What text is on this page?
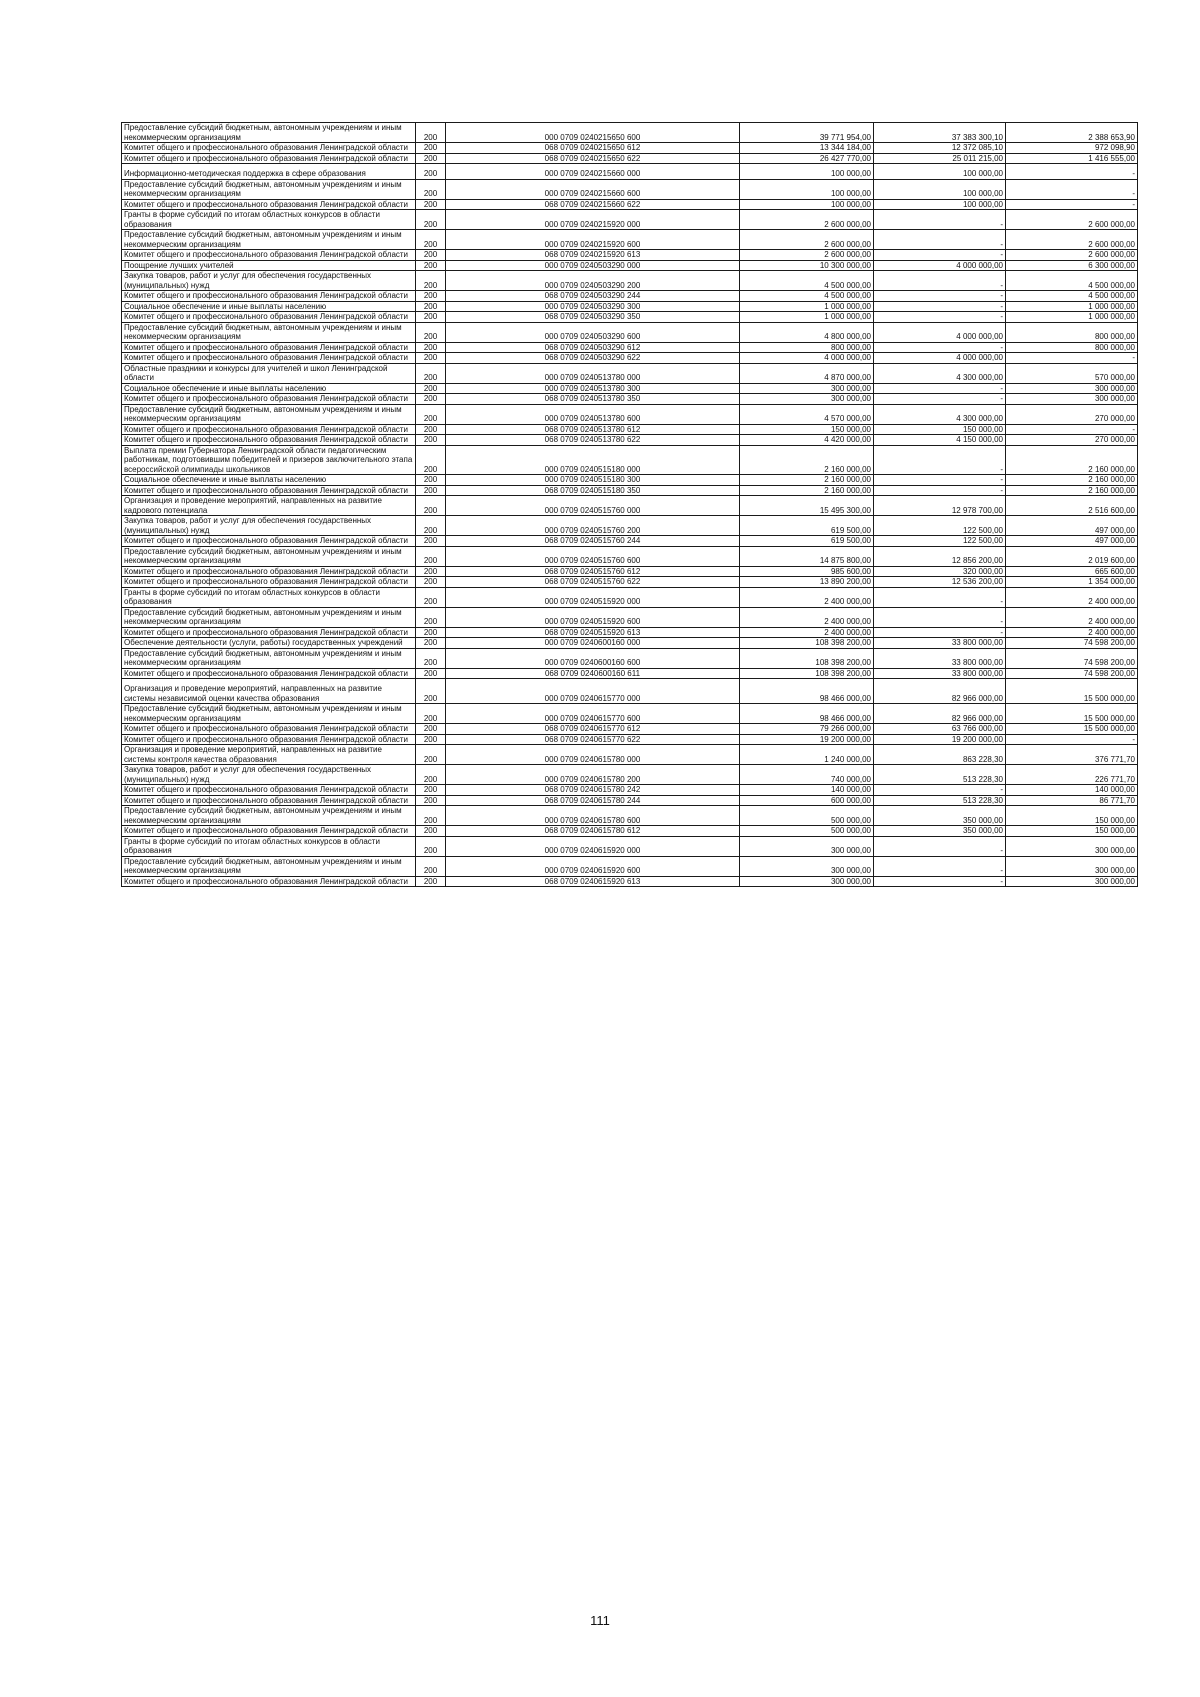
Предоставление субсидий бюджетным, автономным учреждениям и иным некоммерческим организациям	200	000 0709 0240215650 600	39 771 954,00	37 383 300,10	2 388 653,90
Комитет общего и профессионального образования Ленинградской области	200	068 0709 0240215650 612	13 344 184,00	12 372 085,10	972 098,90
Комитет общего и профессионального образования Ленинградской области	200	068 0709 0240215650 622	26 427 770,00	25 011 215,00	1 416 555,00
Информационно-методическая поддержка в сфере образования	200	000 0709 0240215660 000	100 000,00	100 000,00	-
Предоставление субсидий бюджетным, автономным учреждениям и иным некоммерческим организациям	200	000 0709 0240215660 600	100 000,00	100 000,00	-
Комитет общего и профессионального образования Ленинградской области	200	068 0709 0240215660 622	100 000,00	100 000,00	-
Гранты в форме субсидий по итогам областных конкурсов в области образования	200	000 0709 0240215920 000	2 600 000,00	-	2 600 000,00
Предоставление субсидий бюджетным, автономным учреждениям и иным некоммерческим организациям	200	000 0709 0240215920 600	2 600 000,00	-	2 600 000,00
Комитет общего и профессионального образования Ленинградской области	200	068 0709 0240215920 613	2 600 000,00	-	2 600 000,00
Поощрение лучших учителей	200	000 0709 0240503290 000	10 300 000,00	4 000 000,00	6 300 000,00
Закупка товаров, работ и услуг для обеспечения государственных (муниципальных) нужд	200	000 0709 0240503290 200	4 500 000,00	-	4 500 000,00
Комитет общего и профессионального образования Ленинградской области	200	068 0709 0240503290 244	4 500 000,00	-	4 500 000,00
Социальное обеспечение и иные выплаты населению	200	000 0709 0240503290 300	1 000 000,00	-	1 000 000,00
Комитет общего и профессионального образования Ленинградской области	200	068 0709 0240503290 350	1 000 000,00	-	1 000 000,00
Предоставление субсидий бюджетным, автономным учреждениям и иным некоммерческим организациям	200	000 0709 0240503290 600	4 800 000,00	4 000 000,00	800 000,00
Комитет общего и профессионального образования Ленинградской области	200	068 0709 0240503290 612	800 000,00	-	800 000,00
Комитет общего и профессионального образования Ленинградской области	200	068 0709 0240503290 622	4 000 000,00	4 000 000,00	-
Областные праздники и конкурсы для учителей и школ Ленинградской области	200	000 0709 0240513780 000	4 870 000,00	4 300 000,00	570 000,00
Социальное обеспечение и иные выплаты населению	200	000 0709 0240513780 300	300 000,00	-	300 000,00
Комитет общего и профессионального образования Ленинградской области	200	068 0709 0240513780 350	300 000,00	-	300 000,00
Предоставление субсидий бюджетным, автономным учреждениям и иным некоммерческим организациям	200	000 0709 0240513780 600	4 570 000,00	4 300 000,00	270 000,00
Комитет общего и профессионального образования Ленинградской области	200	068 0709 0240513780 612	150 000,00	150 000,00	-
Комитет общего и профессионального образования Ленинградской области	200	068 0709 0240513780 622	4 420 000,00	4 150 000,00	270 000,00
Выплата премии Губернатора Ленинградской области педагогическим работникам, подготовившим победителей и призеров заключительного этапа всероссийской олимпиады школьников	200	000 0709 0240515180 000	2 160 000,00	-	2 160 000,00
Социальное обеспечение и иные выплаты населению	200	000 0709 0240515180 300	2 160 000,00	-	2 160 000,00
Комитет общего и профессионального образования Ленинградской области	200	068 0709 0240515180 350	2 160 000,00	-	2 160 000,00
Организация и проведение мероприятий, направленных на развитие кадрового потенциала	200	000 0709 0240515760 000	15 495 300,00	12 978 700,00	2 516 600,00
Закупка товаров, работ и услуг для обеспечения государственных (муниципальных) нужд	200	000 0709 0240515760 200	619 500,00	122 500,00	497 000,00
Комитет общего и профессионального образования Ленинградской области	200	068 0709 0240515760 244	619 500,00	122 500,00	497 000,00
Предоставление субсидий бюджетным, автономным учреждениям и иным некоммерческим организациям	200	000 0709 0240515760 600	14 875 800,00	12 856 200,00	2 019 600,00
Комитет общего и профессионального образования Ленинградской области	200	068 0709 0240515760 612	985 600,00	320 000,00	665 600,00
Комитет общего и профессионального образования Ленинградской области	200	068 0709 0240515760 622	13 890 200,00	12 536 200,00	1 354 000,00
Гранты в форме субсидий по итогам областных конкурсов в области образования	200	000 0709 0240515920 000	2 400 000,00	-	2 400 000,00
Предоставление субсидий бюджетным, автономным учреждениям и иным некоммерческим организациям	200	000 0709 0240515920 600	2 400 000,00	-	2 400 000,00
Комитет общего и профессионального образования Ленинградской области	200	068 0709 0240515920 613	2 400 000,00	-	2 400 000,00
Обеспечение деятельности (услуги, работы) государственных учреждений	200	000 0709 0240600160 000	108 398 200,00	33 800 000,00	74 598 200,00
Предоставление субсидий бюджетным, автономным учреждениям и иным некоммерческим организациям	200	000 0709 0240600160 600	108 398 200,00	33 800 000,00	74 598 200,00
Комитет общего и профессионального образования Ленинградской области	200	068 0709 0240600160 611	108 398 200,00	33 800 000,00	74 598 200,00
Организация и проведение мероприятий, направленных на развитие системы независимой оценки качества образования	200	000 0709 0240615770 000	98 466 000,00	82 966 000,00	15 500 000,00
Предоставление субсидий бюджетным, автономным учреждениям и иным некоммерческим организациям	200	000 0709 0240615770 600	98 466 000,00	82 966 000,00	15 500 000,00
Комитет общего и профессионального образования Ленинградской области	200	068 0709 0240615770 612	79 266 000,00	63 766 000,00	15 500 000,00
Комитет общего и профессионального образования Ленинградской области	200	068 0709 0240615770 622	19 200 000,00	19 200 000,00	-
Организация и проведение мероприятий, направленных на развитие системы контроля качества образования	200	000 0709 0240615780 000	1 240 000,00	863 228,30	376 771,70
Закупка товаров, работ и услуг для обеспечения государственных (муниципальных) нужд	200	000 0709 0240615780 200	740 000,00	513 228,30	226 771,70
Комитет общего и профессионального образования Ленинградской области	200	068 0709 0240615780 242	140 000,00	-	140 000,00
Комитет общего и профессионального образования Ленинградской области	200	068 0709 0240615780 244	600 000,00	513 228,30	86 771,70
Предоставление субсидий бюджетным, автономным учреждениям и иным некоммерческим организациям	200	000 0709 0240615780 600	500 000,00	350 000,00	150 000,00
Комитет общего и профессионального образования Ленинградской области	200	068 0709 0240615780 612	500 000,00	350 000,00	150 000,00
Гранты в форме субсидий по итогам областных конкурсов в области образования	200	000 0709 0240615920 000	300 000,00	-	300 000,00
Предоставление субсидий бюджетным, автономным учреждениям и иным некоммерческим организациям	200	000 0709 0240615920 600	300 000,00	-	300 000,00
Комитет общего и профессионального образования Ленинградской области	200	068 0709 0240615920 613	300 000,00	-	300 000,00
111
